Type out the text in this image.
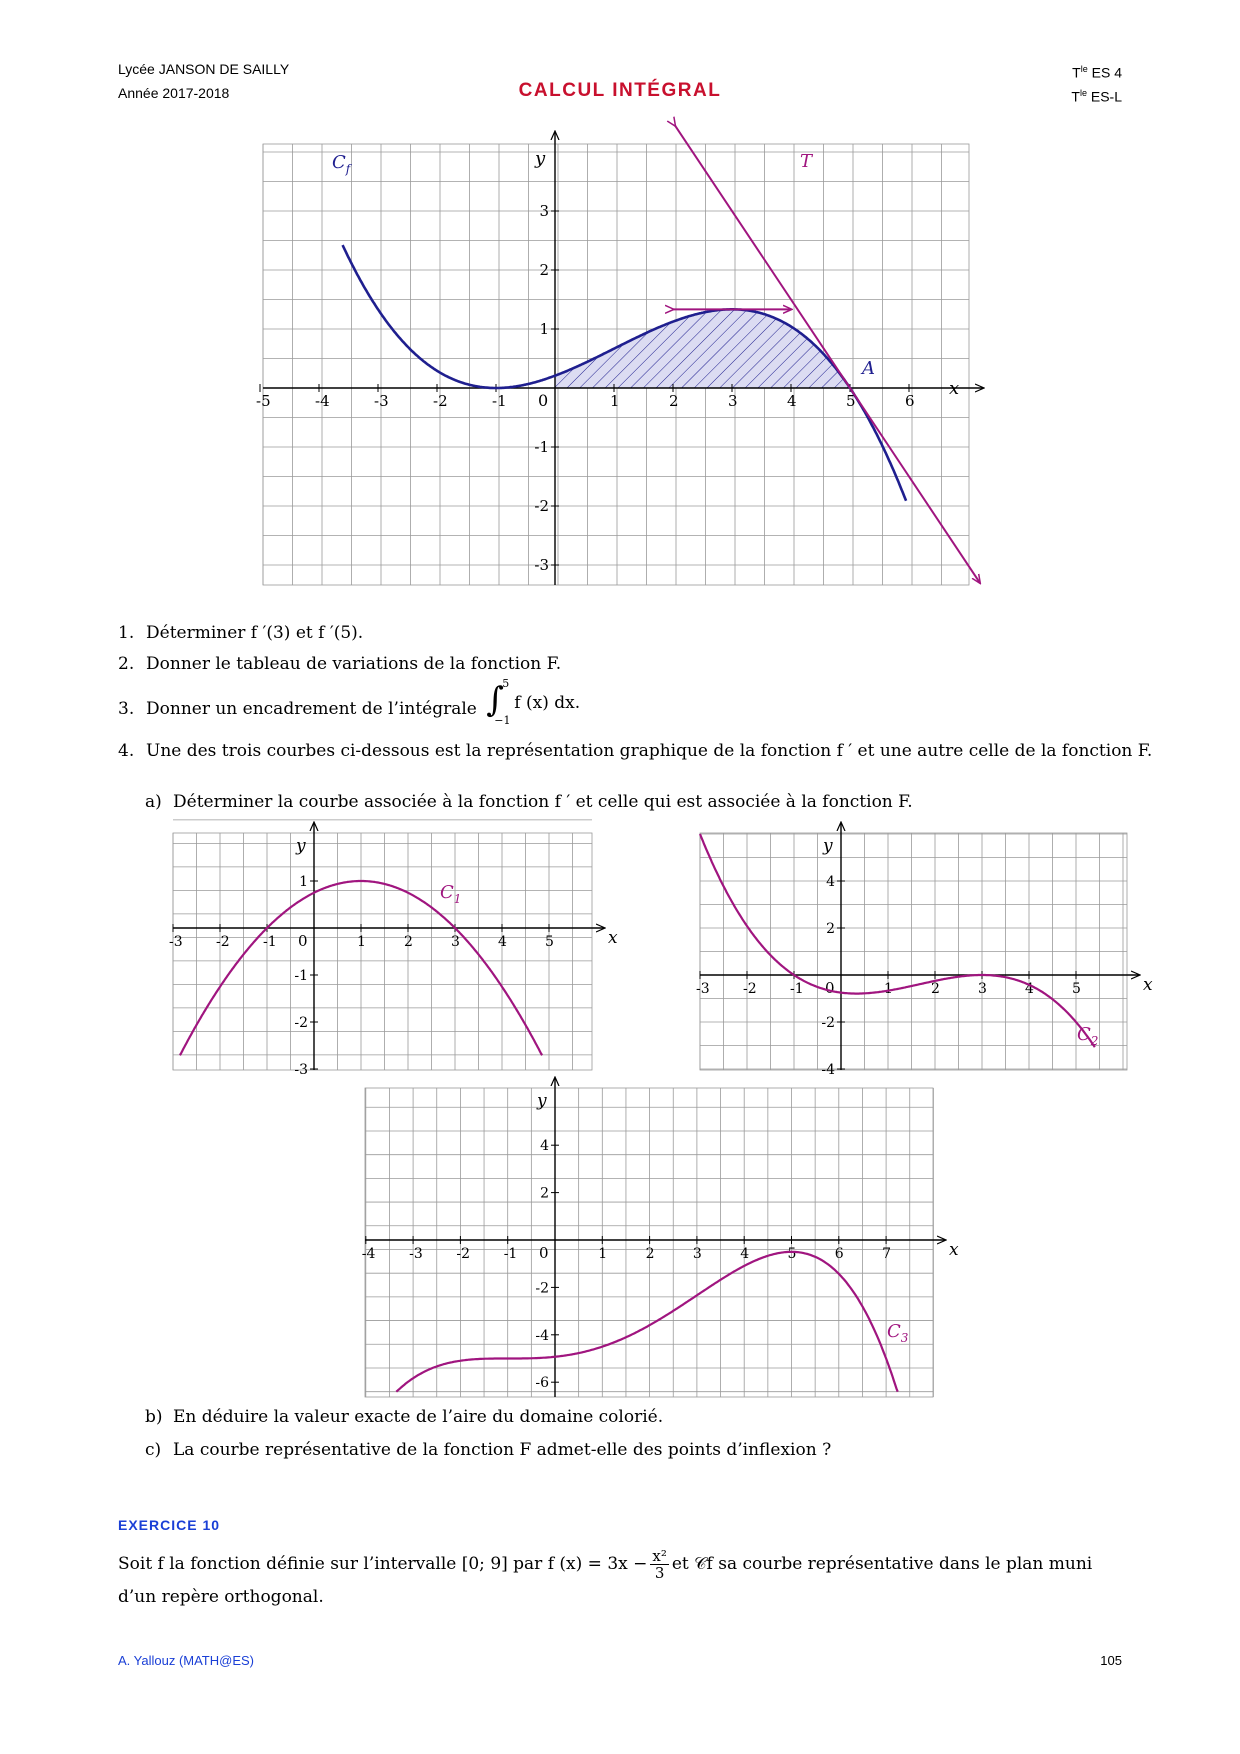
Lycée JANSON DE SAILLY
Année 2017-2018	CALCUL INTÉGRAL
$T^{le}$ ES 4
$T^{le}$ ES-L
-5	-4	-3	-2	-1	1	2	3	4	5	6
3
2
1
-1
-2
-3
0
x
y
$C_f$	T
A
1. Déterminer f ′(3) et f ′(5).
2. Donner le tableau de variations de la fonction F.
3. Donner un encadrement de l’intégrale ∫
5
−1
f (x) dx.
4. Une des trois courbes ci-dessous est la représentation graphique de la fonction f ′ et une autre celle de la fonction F.
a) Déterminer la courbe associée à la fonction f ′ et celle qui est associée à la fonction F.
-3 -2 -1	1	2	3	4	5
1
-1
-2
-3
0	x
y
-3 -2 -1	1	2	3	4	5
4
2
-2
-4
0	x
y
-4 -3 -2 -1	1	2	3	4	5	6	7
4
2
-2
-4
-6
0	x
y
$C_1$
$C_2$
$C_3$
b) En déduire la valeur exacte de l’aire du domaine colorié.
c) La courbe représentative de la fonction F admet-elle des points d’inflexion ?
EXERCICE 10
Soit f la fonction définie sur l’intervalle [0; 9] par f $(x) = 3x - \frac{\text{x²}}{3}$ et 𝒞f sa courbe représentative dans le plan muni d’un repère orthogonal.
A. Yallouz (MATH@ES)	105
